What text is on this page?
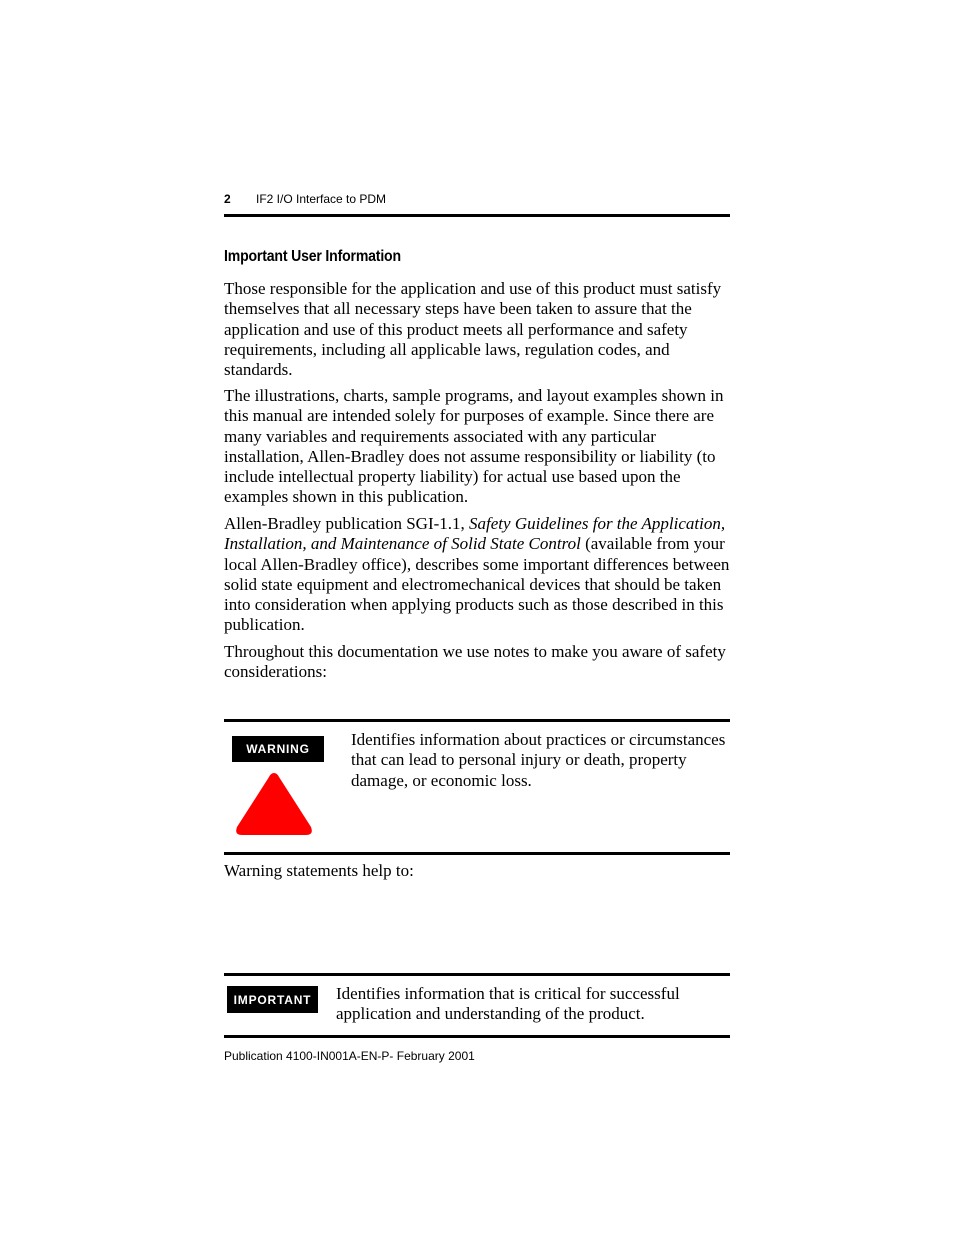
2 IF2 I/O Interface to PDM
Important User Information

Those responsible for the application and use of this product must satisfy themselves that all necessary steps have been taken to assure that the application and use of this product meets all performance and safety requirements, including all applicable laws, regulation codes, and standards.

The illustrations, charts, sample programs, and layout examples shown in this manual are intended solely for purposes of example. Since there are many variables and requirements associated with any particular installation, Allen-Bradley does not assume responsibility or liability (to include intellectual property liability) for actual use based upon the examples shown in this publication.

Allen-Bradley publication SGI-1.1, Safety Guidelines for the Application, Installation, and Maintenance of Solid State Control (available from your local Allen-Bradley office), describes some important differences between solid state equipment and electromechanical devices that should be taken into consideration when applying products such as those described in this publication.

Throughout this documentation we use notes to make you aware of safety considerations:

WARNING	Identifies information about practices or circumstances that can lead to personal injury or death, property damage, or economic loss.

Warning statements help to:

IMPORTANT	Identifies information that is critical for successful application and understanding of the product.

Publication 4100-IN001A-EN-P- February 2001
